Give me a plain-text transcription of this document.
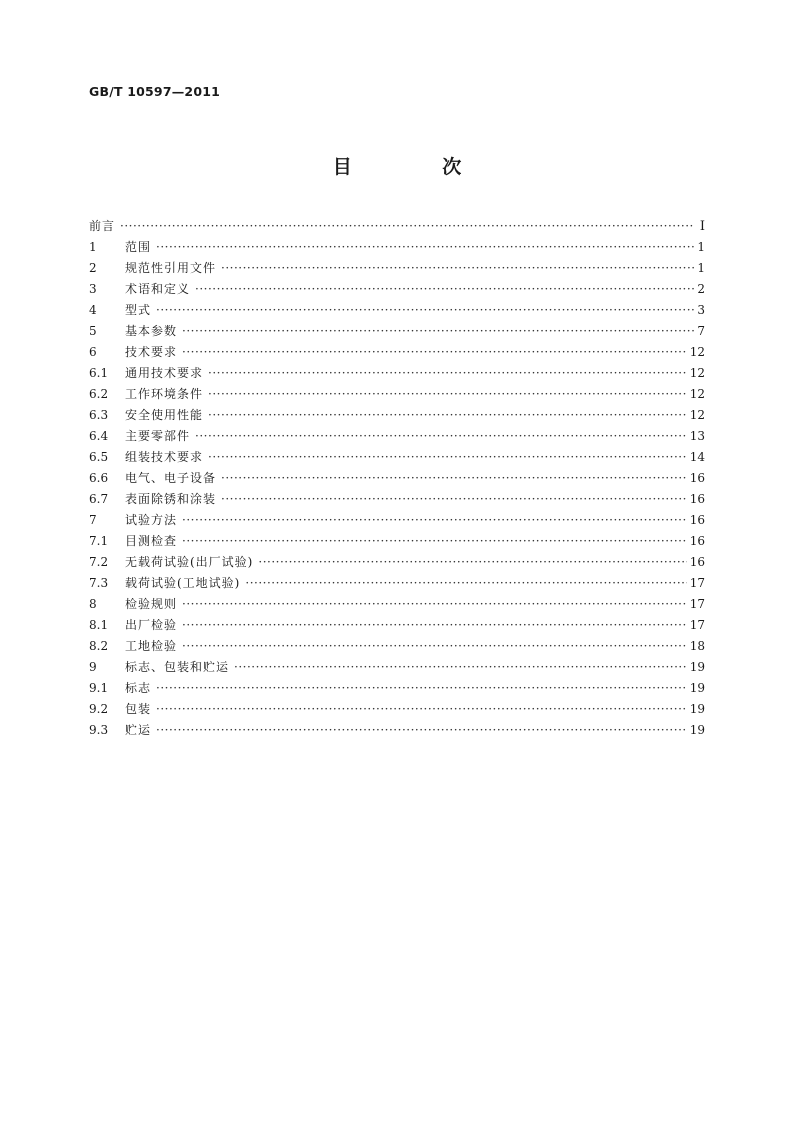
GB/T 10597—2011
目 次
前言 ·····	Ⅰ
1	范围 ·····	1
2	规范性引用文件 ·····	1
3	术语和定义 ·····	2
4	型式 ·····	3
5	基本参数 ·····	7
6	技术要求 ·····	12
6.1	通用技术要求 ·····	12
6.2	工作环境条件 ·····	12
6.3	安全使用性能 ·····	12
6.4	主要零部件 ·····	13
6.5	组装技术要求 ·····	14
6.6	电气、电子设备 ·····	16
6.7	表面除锈和涂装 ·····	16
7	试验方法 ·····	16
7.1	目测检查 ·····	16
7.2	无载荷试验(出厂试验) ·····	16
7.3	载荷试验(工地试验) ·····	17
8	检验规则 ·····	17
8.1	出厂检验 ·····	17
8.2	工地检验 ·····	18
9	标志、包装和贮运 ·····	19
9.1	标志 ·····	19
9.2	包装 ·····	19
9.3	贮运 ·····	19
